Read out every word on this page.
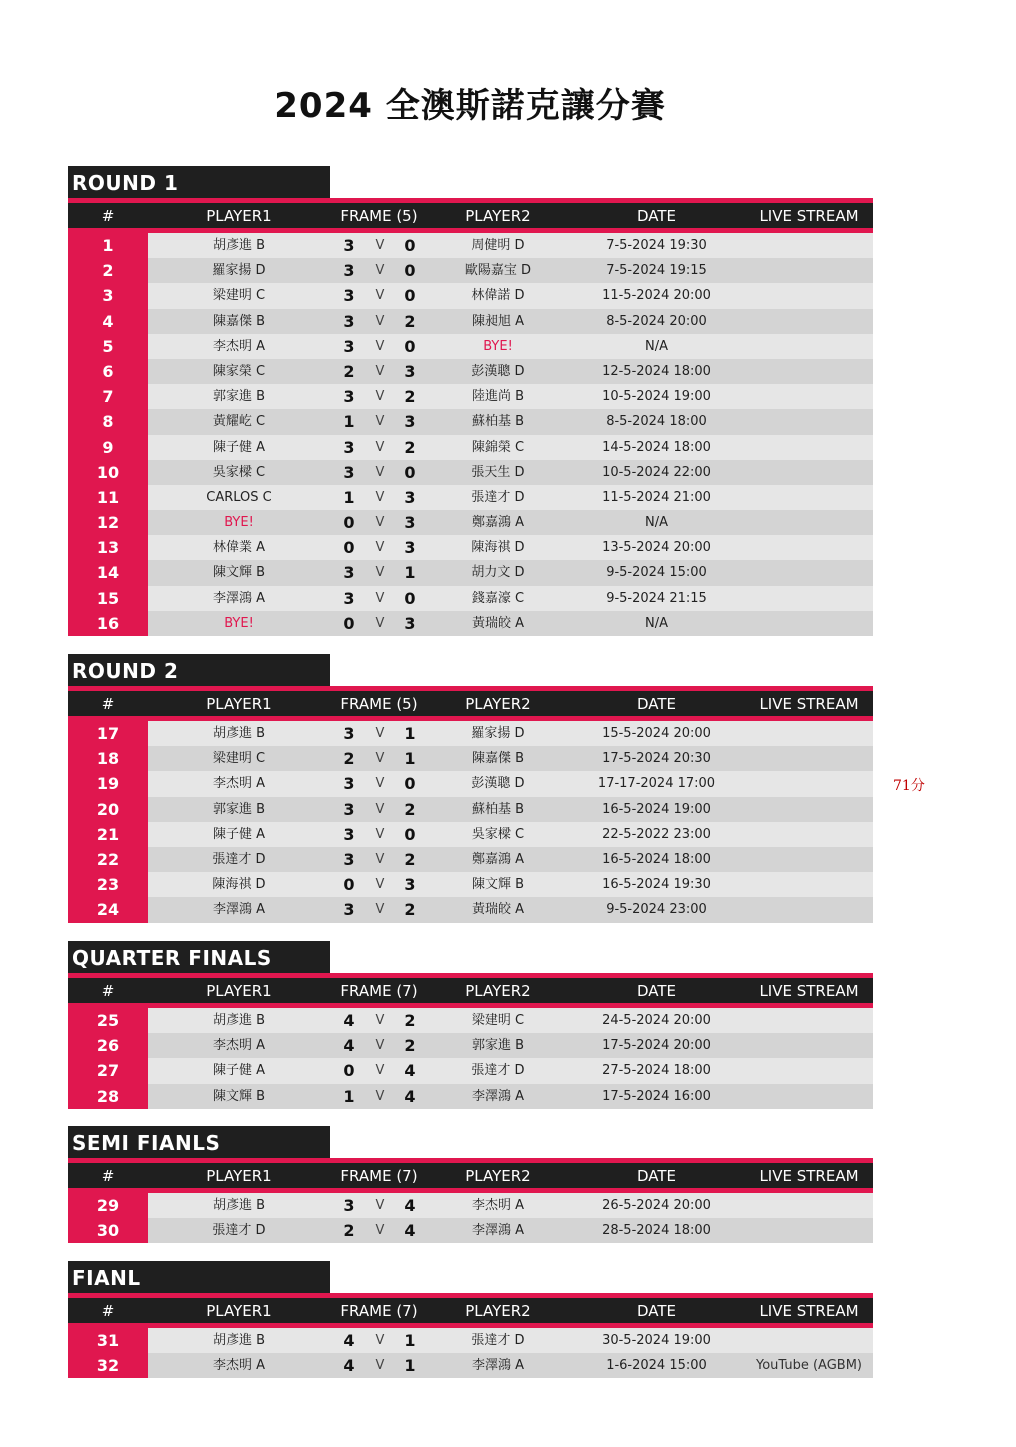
2024 全澳斯諾克讓分賽
71分
ROUND 1
#	PLAYER1	FRAME (5)	PLAYER2	DATE	LIVE STREAM
1	胡彥進 B	3	V	0	周健明 D	7-5-2024 19:30
2	羅家揚 D	3	V	0	歐陽嘉宝 D	7-5-2024 19:15
3	梁建明 C	3	V	0	林偉諾 D	11-5-2024 20:00
4	陳嘉傑 B	3	V	2	陳昶旭 A	8-5-2024 20:00
5	李杰明 A	3	V	0	BYE!	N/A
6	陳家榮 C	2	V	3	彭漢聰 D	12-5-2024 18:00
7	郭家進 B	3	V	2	陸進尚 B	10-5-2024 19:00
8	黃耀屹 C	1	V	3	蘇柏基 B	8-5-2024 18:00
9	陳子健 A	3	V	2	陳錦榮 C	14-5-2024 18:00
10	吳家樑 C	3	V	0	張天生 D	10-5-2024 22:00
11	CARLOS C	1	V	3	張達才 D	11-5-2024 21:00
12	BYE!	0	V	3	鄭嘉鴻 A	N/A
13	林偉業 A	0	V	3	陳海祺 D	13-5-2024 20:00
14	陳文輝 B	3	V	1	胡力文 D	9-5-2024 15:00
15	李澤鴻 A	3	V	0	錢嘉濠 C	9-5-2024 21:15
16	BYE!	0	V	3	黃瑞皎 A	N/A
ROUND 2
#	PLAYER1	FRAME (5)	PLAYER2	DATE	LIVE STREAM
17	胡彥進 B	3	V	1	羅家揚 D	15-5-2024 20:00
18	梁建明 C	2	V	1	陳嘉傑 B	17-5-2024 20:30
19	李杰明 A	3	V	0	彭漢聰 D	17-17-2024 17:00
20	郭家進 B	3	V	2	蘇柏基 B	16-5-2024 19:00
21	陳子健 A	3	V	0	吳家樑 C	22-5-2022 23:00
22	張達才 D	3	V	2	鄭嘉鴻 A	16-5-2024 18:00
23	陳海祺 D	0	V	3	陳文輝 B	16-5-2024 19:30
24	李澤鴻 A	3	V	2	黃瑞皎 A	9-5-2024 23:00
QUARTER FINALS
#	PLAYER1	FRAME (7)	PLAYER2	DATE	LIVE STREAM
25	胡彥進 B	4	V	2	梁建明 C	24-5-2024 20:00
26	李杰明 A	4	V	2	郭家進 B	17-5-2024 20:00
27	陳子健 A	0	V	4	張達才 D	27-5-2024 18:00
28	陳文輝 B	1	V	4	李澤鴻 A	17-5-2024 16:00
SEMI FIANLS
#	PLAYER1	FRAME (7)	PLAYER2	DATE	LIVE STREAM
29	胡彥進 B	3	V	4	李杰明 A	26-5-2024 20:00
30	張達才 D	2	V	4	李澤鴻 A	28-5-2024 18:00
FIANL
#	PLAYER1	FRAME (7)	PLAYER2	DATE	LIVE STREAM
31	胡彥進 B	4	V	1	張達才 D	30-5-2024 19:00
32	李杰明 A	4	V	1	李澤鴻 A	1-6-2024 15:00	YouTube (AGBM)
